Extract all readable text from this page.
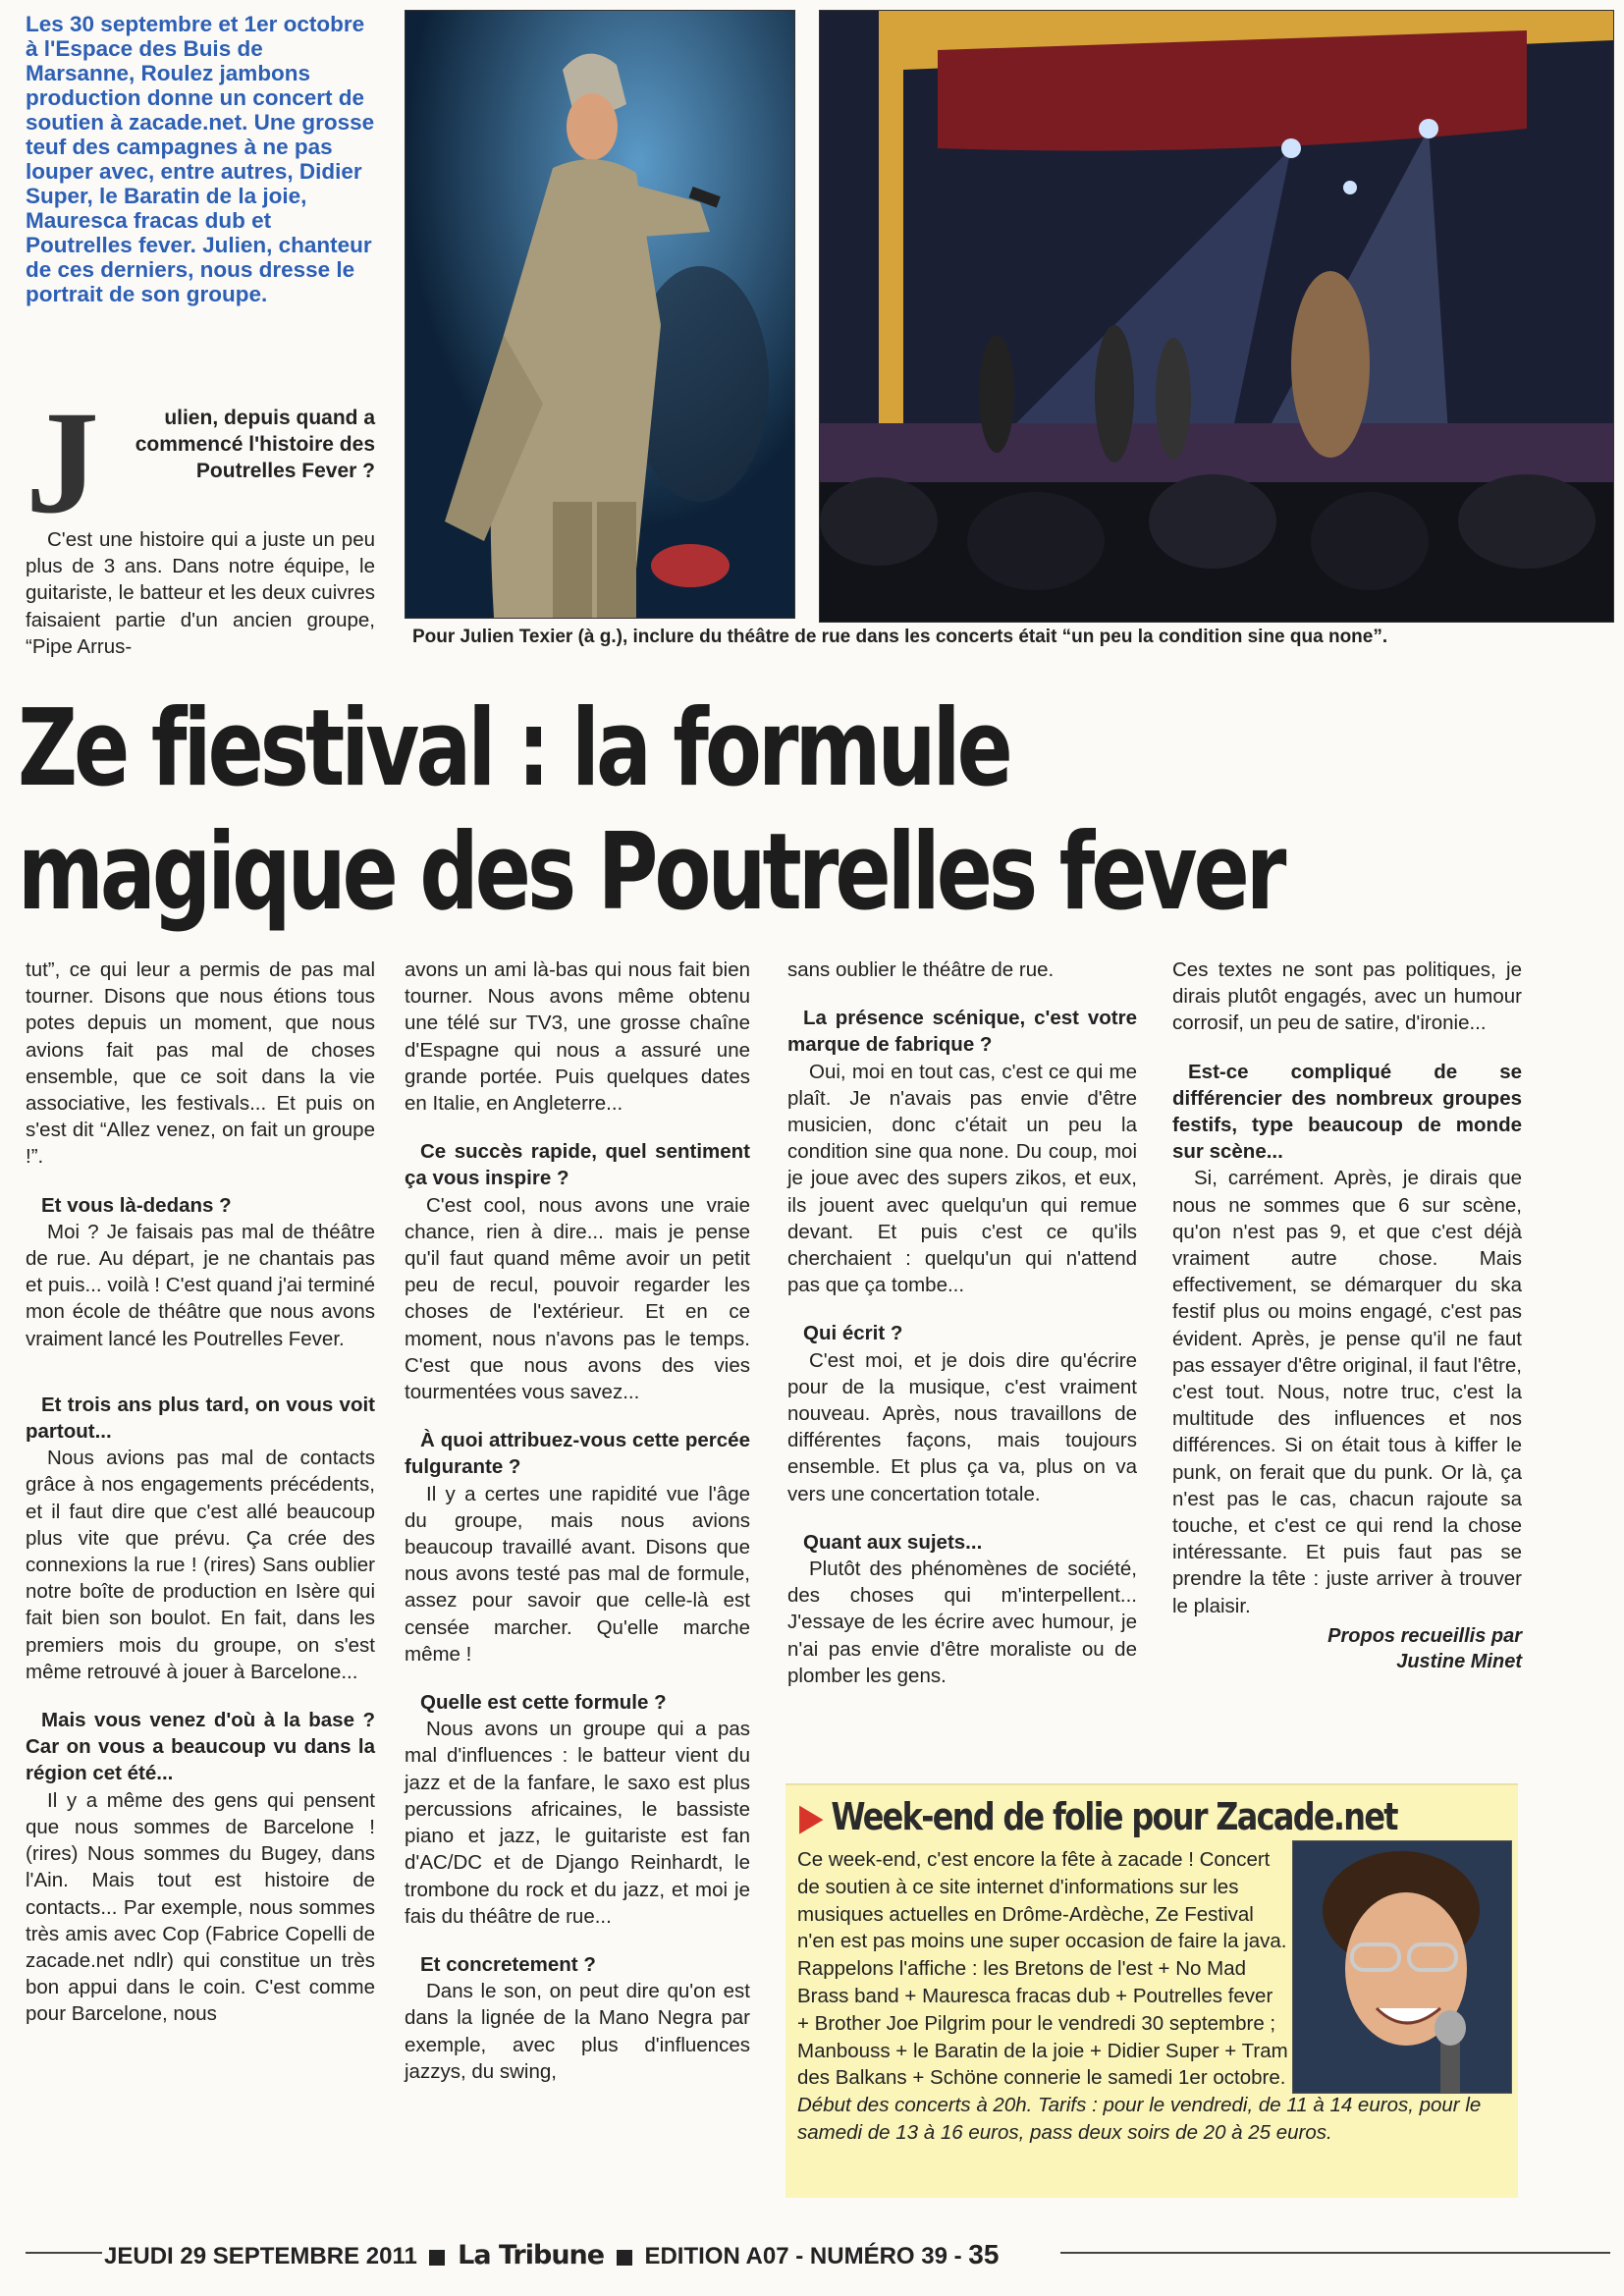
Les 30 septembre et 1er octobre à l'Espace des Buis de Marsanne, Roulez jambons production donne un concert de soutien à zacade.net. Une grosse teuf des campagnes à ne pas louper avec, entre autres, Didier Super, le Baratin de la joie, Mauresca fracas dub et Poutrelles fever. Julien, chanteur de ces derniers, nous dresse le portrait de son groupe.
Pour Julien Texier (à g.), inclure du théâtre de rue dans les concerts était “un peu la condition sine qua none”.
J	ulien, depuis quand a commencé l'histoire des Poutrelles Fever ?

C'est une histoire qui a juste un peu plus de 3 ans. Dans notre équipe, le guitariste, le batteur et les deux cuivres faisaient partie d'un ancien groupe, “Pipe Arrus-

Ze fiestival : la formule
magique des Poutrelles fever

tut”, ce qui leur a permis de pas mal tourner. Disons que nous étions tous potes depuis un moment, que nous avions fait pas mal de choses ensemble, que ce soit dans la vie associative, les festivals... Et puis on s'est dit “Allez venez, on fait un groupe !”.

Et vous là-dedans ?

Moi ? Je faisais pas mal de théâtre de rue. Au départ, je ne chantais pas et puis... voilà ! C'est quand j'ai terminé mon école de théâtre que nous avons vraiment lancé les Poutrelles Fever.

Et trois ans plus tard, on vous voit partout...

Nous avions pas mal de contacts grâce à nos engagements précédents, et il faut dire que c'est allé beaucoup plus vite que prévu. Ça crée des connexions la rue ! (rires) Sans oublier notre boîte de production en Isère qui fait bien son boulot. En fait, dans les premiers mois du groupe, on s'est même retrouvé à jouer à Barcelone...

Mais vous venez d'où à la base ? Car on vous a beaucoup vu dans la région cet été...

Il y a même des gens qui pensent que nous sommes de Barcelone ! (rires) Nous sommes du Bugey, dans l'Ain. Mais tout est histoire de contacts... Par exemple, nous sommes très amis avec Cop (Fabrice Copelli de zacade.net ndlr) qui constitue un très bon appui dans le coin. C'est comme pour Barcelone, nous

avons un ami là-bas qui nous fait bien tourner. Nous avons même obtenu une télé sur TV3, une grosse chaîne d'Espagne qui nous a assuré une grande portée. Puis quelques dates en Italie, en Angleterre...

Ce succès rapide, quel sentiment ça vous inspire ?

C'est cool, nous avons une vraie chance, rien à dire... mais je pense qu'il faut quand même avoir un petit peu de recul, pouvoir regarder les choses de l'extérieur. Et en ce moment, nous n'avons pas le temps. C'est que nous avons des vies tourmentées vous savez...

À quoi attribuez-vous cette percée fulgurante ?

Il y a certes une rapidité vue l'âge du groupe, mais nous avions beaucoup travaillé avant. Disons que nous avons testé pas mal de formule, assez pour savoir que celle-là est censée marcher. Qu'elle marche même !

Quelle est cette formule ?

Nous avons un groupe qui a pas mal d'influences : le batteur vient du jazz et de la fanfare, le saxo est plus percussions africaines, le bassiste piano et jazz, le guitariste est fan d'AC/DC et de Django Reinhardt, le trombone du rock et du jazz, et moi je fais du théâtre de rue...

Et concretement ?

Dans le son, on peut dire qu'on est dans la lignée de la Mano Negra par exemple, avec plus d'influences jazzys, du swing,

sans oublier le théâtre de rue.

La présence scénique, c'est votre marque de fabrique ?

Oui, moi en tout cas, c'est ce qui me plaît. Je n'avais pas envie d'être musicien, donc c'était un peu la condition sine qua none. Du coup, moi je joue avec des supers zikos, et eux, ils jouent avec quelqu'un qui remue devant. Et puis c'est ce qu'ils cherchaient : quelqu'un qui n'attend pas que ça tombe...

Qui écrit ?

C'est moi, et je dois dire qu'écrire pour de la musique, c'est vraiment nouveau. Après, nous travaillons de différentes façons, mais toujours ensemble. Et plus ça va, plus on va vers une concertation totale.

Quant aux sujets...

Plutôt des phénomènes de société, des choses qui m'interpellent... J'essaye de les écrire avec humour, je n'ai pas envie d'être moraliste ou de plomber les gens.

Ces textes ne sont pas politiques, je dirais plutôt engagés, avec un humour corrosif, un peu de satire, d'ironie...

Est-ce compliqué de se différencier des nombreux groupes festifs, type beaucoup de monde sur scène...

Si, carrément. Après, je dirais que nous ne sommes que 6 sur scène, qu'on n'est pas 9, et que c'est déjà vraiment autre chose. Mais effectivement, se démarquer du ska festif plus ou moins engagé, c'est pas évident. Après, je pense qu'il ne faut pas essayer d'être original, il faut l'être, c'est tout. Nous, notre truc, c'est la multitude des influences et nos différences. Si on était tous à kiffer le punk, on ferait que du punk. Or là, ça n'est pas le cas, chacun rajoute sa touche, et c'est ce qui rend la chose intéressante. Et puis faut pas se prendre la tête : juste arriver à trouver le plaisir.

Propos recueillis par
Justine Minet
▶ Week-end de folie pour Zacade.net
Ce week-end, c'est encore la fête à zacade ! Concert de soutien à ce site internet d'informations sur les musiques actuelles en Drôme-Ardèche, Ze Festival n'en est pas moins une super occasion de faire la java. Rappelons l'affiche : les Bretons de l'est + No Mad Brass band + Mauresca fracas dub + Poutrelles fever + Brother Joe Pilgrim pour le vendredi 30 septembre ; Manbouss + le Baratin de la joie + Didier Super + Tram des Balkans + Schöne connerie le samedi 1er octobre.
Début des concerts à 20h. Tarifs : pour le vendredi, de 11 à 14 euros, pour le samedi de 13 à 16 euros, pass deux soirs de 20 à 25 euros.
JEUDI 29 SEPTEMBRE 2011 La Tribune EDITION A07 - NUMÉRO 39 - 35
